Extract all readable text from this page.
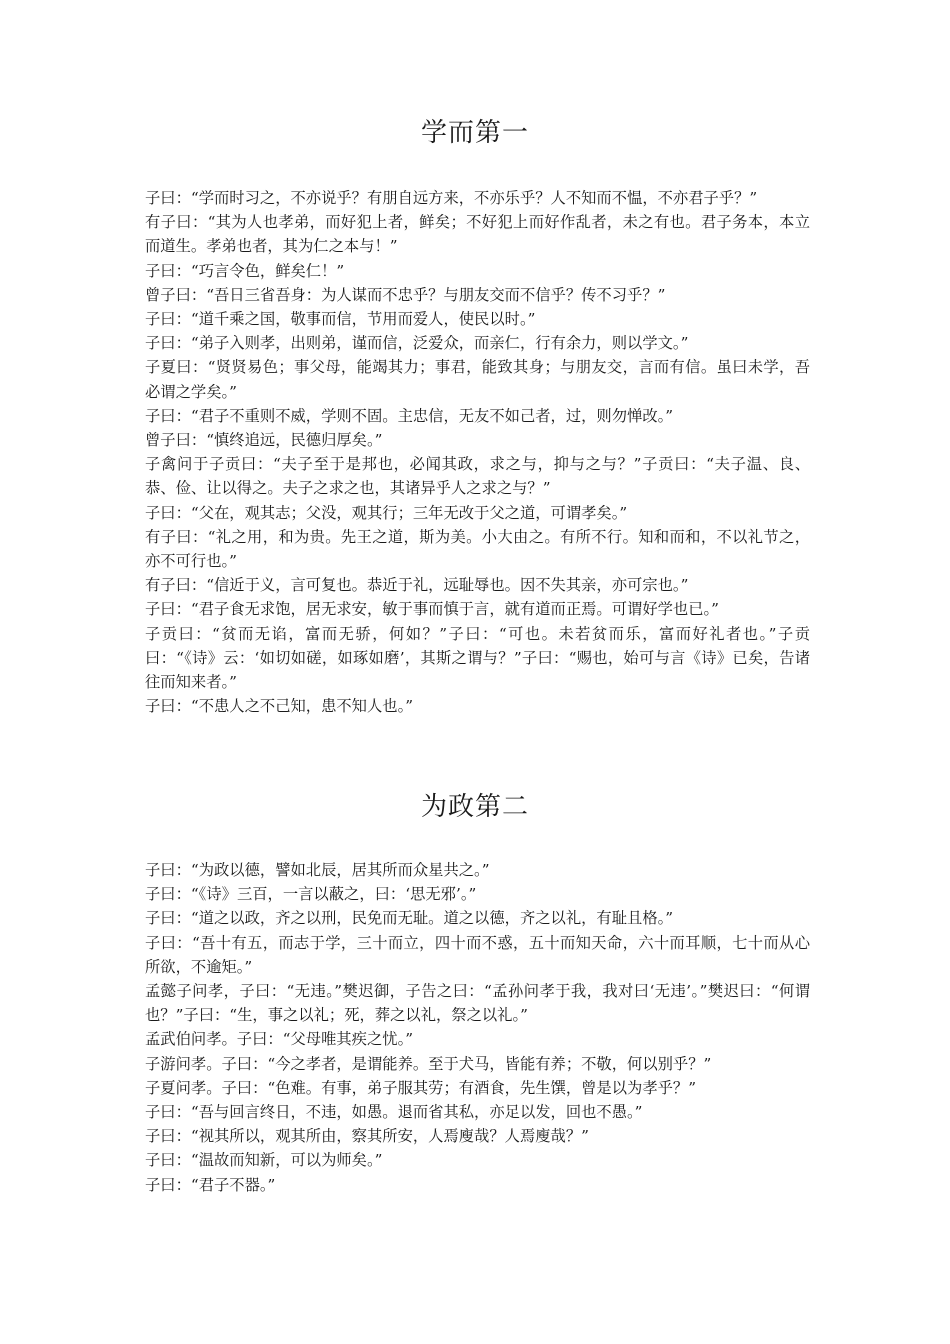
学而第一

子曰：“学而时习之，不亦说乎？有朋自远方来，不亦乐乎？人不知而不愠，不亦君子乎？”

有子曰：“其为人也孝弟，而好犯上者，鲜矣；不好犯上而好作乱者，未之有也。君子务本，本立而道生。孝弟也者，其为仁之本与！”

子曰：“巧言令色，鲜矣仁！”

曾子曰：“吾日三省吾身：为人谋而不忠乎？与朋友交而不信乎？传不习乎？”

子曰：“道千乘之国，敬事而信，节用而爱人，使民以时。”

子曰：“弟子入则孝，出则弟，谨而信，泛爱众，而亲仁，行有余力，则以学文。”

子夏曰：“贤贤易色；事父母，能竭其力；事君，能致其身；与朋友交，言而有信。虽曰未学，吾必谓之学矣。”

子曰：“君子不重则不威，学则不固。主忠信，无友不如己者，过，则勿惮改。”

曾子曰：“慎终追远，民德归厚矣。”

子禽问于子贡曰：“夫子至于是邦也，必闻其政，求之与，抑与之与？”子贡曰：“夫子温、良、恭、俭、让以得之。夫子之求之也，其诸异乎人之求之与？”

子曰：“父在，观其志；父没，观其行；三年无改于父之道，可谓孝矣。”

有子曰：“礼之用，和为贵。先王之道，斯为美。小大由之。有所不行。知和而和，不以礼节之，亦不可行也。”

有子曰：“信近于义，言可复也。恭近于礼，远耻辱也。因不失其亲，亦可宗也。”

子曰：“君子食无求饱，居无求安，敏于事而慎于言，就有道而正焉。可谓好学也已。”

子贡曰：“贫而无谄，富而无骄，何如？”子曰：“可也。未若贫而乐，富而好礼者也。”子贡曰：“《诗》云：‘如切如磋，如琢如磨’，其斯之谓与？”子曰：“赐也，始可与言《诗》已矣，告诸往而知来者。”

子曰：“不患人之不己知，患不知人也。”

为政第二

子曰：“为政以德，譬如北辰，居其所而众星共之。”

子曰：“《诗》三百，一言以蔽之，曰：‘思无邪’。”

子曰：“道之以政，齐之以刑，民免而无耻。道之以德，齐之以礼，有耻且格。”

子曰：“吾十有五，而志于学，三十而立，四十而不惑，五十而知天命，六十而耳顺，七十而从心所欲，不逾矩。”

孟懿子问孝，子曰：“无违。”樊迟御，子告之曰：“孟孙问孝于我，我对曰‘无违’。”樊迟曰：“何谓也？”子曰：“生，事之以礼；死，葬之以礼，祭之以礼。”

孟武伯问孝。子曰：“父母唯其疾之忧。”

子游问孝。子曰：“今之孝者，是谓能养。至于犬马，皆能有养；不敬，何以别乎？”

子夏问孝。子曰：“色难。有事，弟子服其劳；有酒食，先生馔，曾是以为孝乎？”

子曰：“吾与回言终日，不违，如愚。退而省其私，亦足以发，回也不愚。”

子曰：“视其所以，观其所由，察其所安，人焉廋哉？人焉廋哉？”

子曰：“温故而知新，可以为师矣。”

子曰：“君子不器。”
